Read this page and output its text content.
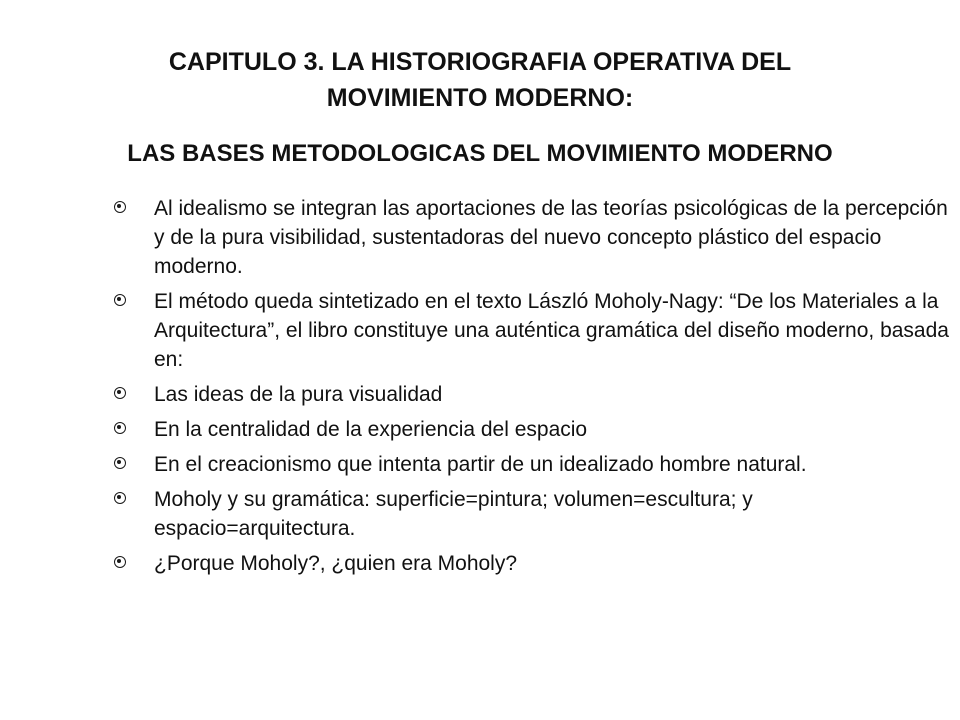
CAPITULO 3. LA HISTORIOGRAFIA OPERATIVA DEL
MOVIMIENTO MODERNO:
LAS BASES METODOLOGICAS DEL MOVIMIENTO MODERNO
Al idealismo se integran las aportaciones de las teorías psicológicas de la percepción y de la pura visibilidad, sustentadoras del nuevo concepto plástico del espacio moderno.
El método queda sintetizado en el texto László Moholy-Nagy: “De los Materiales a la Arquitectura”, el libro constituye una auténtica gramática del diseño moderno, basada en:
Las ideas de la pura visualidad
En la centralidad de la experiencia del espacio
En el creacionismo que intenta partir de un idealizado hombre natural.
Moholy y su gramática: superficie=pintura; volumen=escultura; y espacio=arquitectura.
¿Porque Moholy?, ¿quien era Moholy?
